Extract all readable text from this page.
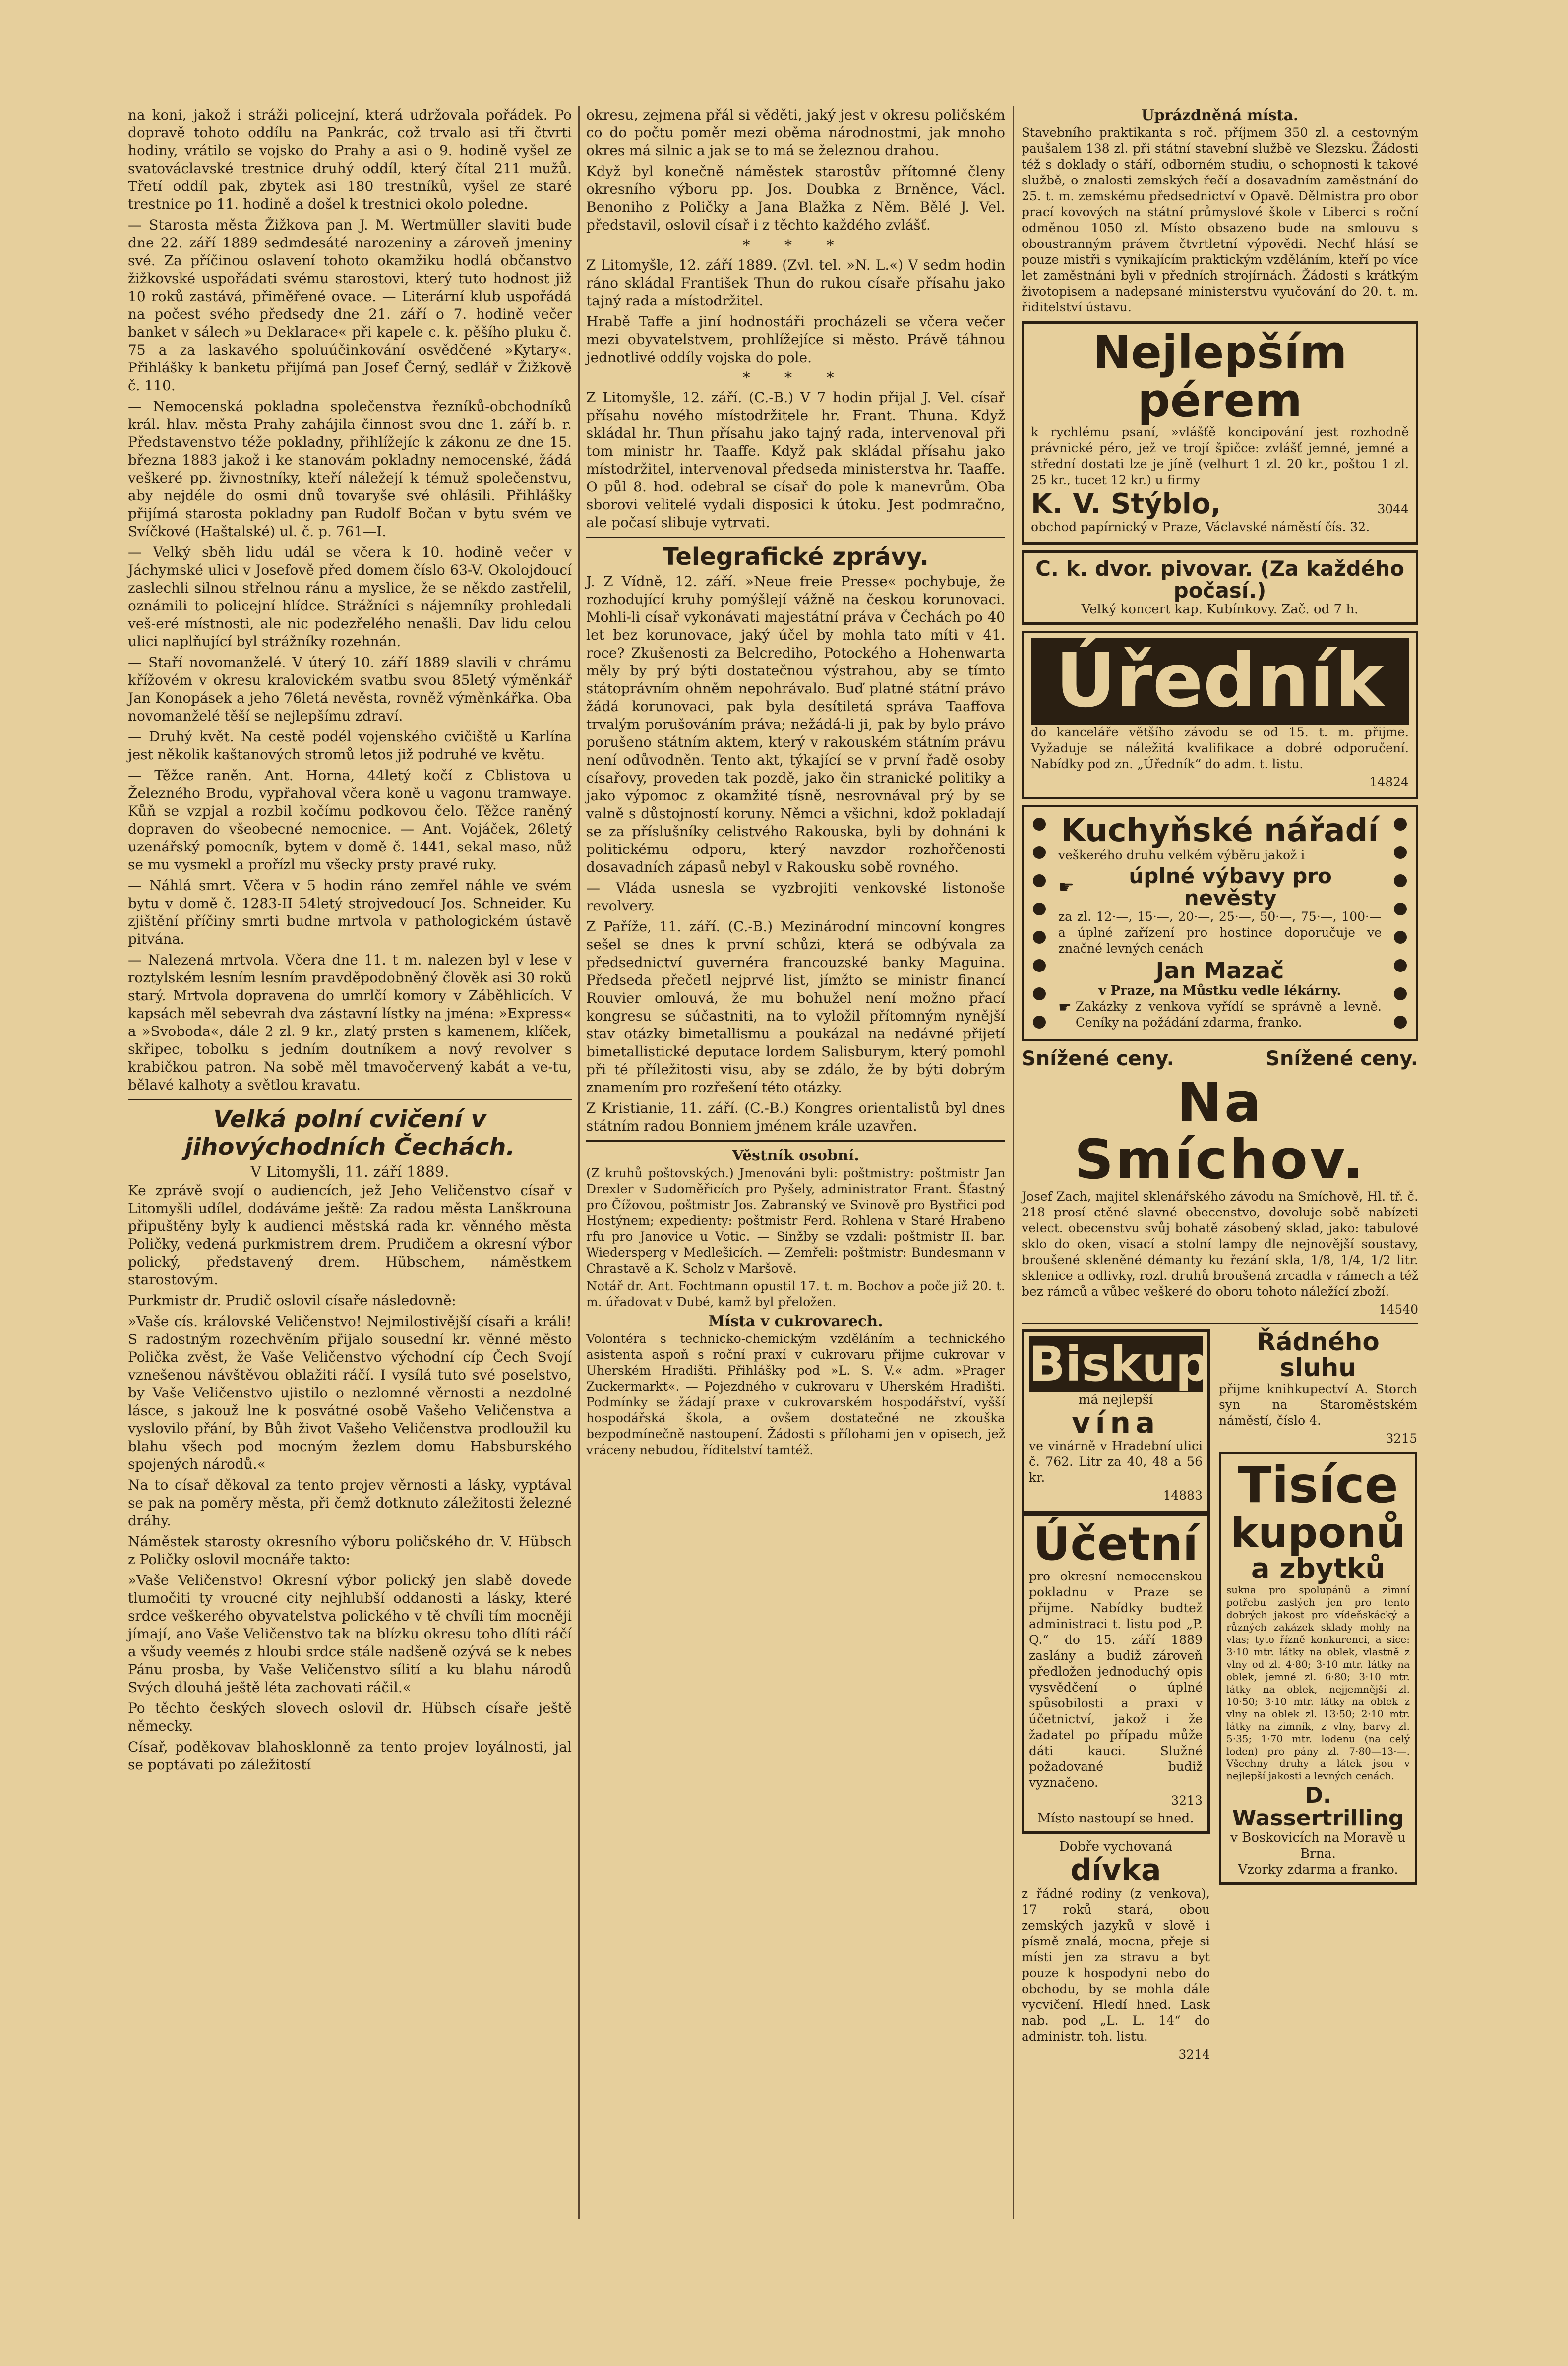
na koni, jakož i stráži policejní, která udržovala pořádek. Po dopravě tohoto oddílu na Pankrác, což trvalo asi tři čtvrti hodiny, vrátilo se vojsko do Prahy a asi o 9. hodině vyšel ze svatováclavské trestnice druhý oddíl, který čítal 211 mužů. Třetí oddíl pak, zbytek asi 180 trestníků, vyšel ze staré trestnice po 11. hodině a došel k trestnici okolo poledne.

— Starosta města Žižkova pan J. M. Wertmüller slaviti bude dne 22. září 1889 sedmdesáté narozeniny a zároveň jmeniny své. Za příčinou oslavení tohoto okamžiku hodlá občanstvo žižkovské uspořádati svému starostovi, který tuto hodnost již 10 roků zastává, přiměřené ovace. — Literární klub uspořádá na počest svého předsedy dne 21. září o 7. hodině večer banket v sálech »u Deklarace« při kapele c. k. pěšího pluku č. 75 a za laskavého spoluúčinkování osvědčené »Kytary«. Přihlášky k banketu přijímá pan Josef Černý, sedlář v Žižkově č. 110.

— Nemocenská pokladna společenstva řezníků-obchodníků král. hlav. města Prahy zahájila činnost svou dne 1. září b. r. Představenstvo téže pokladny, přihlížejíc k zákonu ze dne 15. března 1883 jakož i ke stanovám pokladny nemocenské, žádá veškeré pp. živnostníky, kteří náležejí k témuž společenstvu, aby nejdéle do osmi dnů tovaryše své ohlásili. Přihlášky přijímá starosta pokladny pan Rudolf Bočan v bytu svém ve Svíčkové (Haštalské) ul. č. p. 761—I.

— Velký sběh lidu udál se včera k 10. hodině večer v Jáchymské ulici v Josefově před domem číslo 63-V. Okolojdoucí zaslechli silnou střelnou ránu a myslice, že se někdo zastřelil, oznámili to policejní hlídce. Strážníci s nájemníky prohledali veš-eré místnosti, ale nic podezřelého nenašli. Dav lidu celou ulici naplňující byl strážníky rozehnán.

— Staří novomanželé. V úterý 10. září 1889 slavili v chrámu křížovém v okresu kralovickém svatbu svou 85letý výměnkář Jan Konopásek a jeho 76letá nevěsta, rovněž výměnkářka. Oba novomanželé těší se nejlepšímu zdraví.

— Druhý květ. Na cestě podél vojenského cvičiště u Karlína jest několik kaštanových stromů letos již podruhé ve květu.

— Těžce raněn. Ant. Horna, 44letý kočí z Cblistova u Železného Brodu, vypřahoval včera koně u vagonu tramwaye. Kůň se vzpjal a rozbil kočímu podkovou čelo. Těžce raněný dopraven do všeobecné nemocnice. — Ant. Vojáček, 26letý uzenářský pomocník, bytem v domě č. 1441, sekal maso, nůž se mu vysmekl a prořízl mu všecky prsty pravé ruky.

— Náhlá smrt. Včera v 5 hodin ráno zemřel náhle ve svém bytu v domě č. 1283-II 54letý strojvedoucí Jos. Schneider. Ku zjištění příčiny smrti budne mrtvola v pathologickém ústavě pitvána.

— Nalezená mrtvola. Včera dne 11. t m. nalezen byl v lese v roztylském lesním lesním pravděpodobněný člověk asi 30 roků starý. Mrtvola dopravena do umrlčí komory v Záběhlicích. V kapsách měl sebevrah dva zástavní lístky na jména: »Express« a »Svoboda«, dále 2 zl. 9 kr., zlatý prsten s kamenem, klíček, skřipec, tobolku s jedním doutníkem a nový revolver s krabičkou patron. Na sobě měl tmavočervený kabát a ve-tu, bělavé kalhoty a světlou kravatu.

Velká polní cvičení v jihovýchodních Čechách.

V Litomyšli, 11. září 1889.

Ke zprávě svojí o audiencích, jež Jeho Veličenstvo císař v Litomyšli udílel, dodáváme ještě: Za radou města Lanškrouna připuštěny byly k audienci městská rada kr. věnného města Poličky, vedená purkmistrem drem. Prudičem a okresní výbor polický, představený drem. Hübschem, náměstkem starostovým.

Purkmistr dr. Prudič oslovil císaře následovně:

»Vaše cís. královské Veličenstvo! Nejmilostivější císaři a králi! S radostným rozechvěním přijalo sousední kr. věnné město Polička zvěst, že Vaše Veličenstvo východní cíp Čech Svojí vznešenou návštěvou oblažiti ráčí. I vysílá tuto své poselstvo, by Vaše Veličenstvo ujistilo o nezlomné věrnosti a nezdolné lásce, s jakouž lne k posvátné osobě Vašeho Veličenstva a vyslovilo přání, by Bůh život Vašeho Veličenstva prodloužil ku blahu všech pod mocným žezlem domu Habsburského spojených národů.«

Na to císař děkoval za tento projev věrnosti a lásky, vyptával se pak na poměry města, při čemž dotknuto záležitosti železné dráhy.

Náměstek starosty okresního výboru poličského dr. V. Hübsch z Poličky oslovil mocnáře takto:

»Vaše Veličenstvo! Okresní výbor polický jen slabě dovede tlumočiti ty vroucné city nejhlubší oddanosti a lásky, které srdce veškerého obyvatelstva polického v tě chvíli tím mocněji jímají, ano Vaše Veličenstvo tak na blízku okresu toho dlíti ráčí a všudy veemés z hloubi srdce stále nadšeně ozývá se k nebes Pánu prosba, by Vaše Veličenstvo sílití a ku blahu národů Svých dlouhá ještě léta zachovati ráčil.«

Po těchto českých slovech oslovil dr. Hübsch císaře ještě německy.

Císař, poděkovav blahosklonně za tento projev loyálnosti, jal se poptávati po záležitostí

okresu, zejmena přál si věděti, jaký jest v okresu poličském co do počtu poměr mezi oběma národnostmi, jak mnoho okres má silnic a jak se to má se železnou drahou.

Když byl konečně náměstek starostův přítomné členy okresního výboru pp. Jos. Doubka z Brněnce, Václ. Benoniho z Poličky a Jana Blažka z Něm. Bělé J. Vel. představil, oslovil císař i z těchto každého zvlášť.

* * *

Z Litomyšle, 12. září 1889. (Zvl. tel. »N. L.«) V sedm hodin ráno skládal František Thun do rukou císaře přísahu jako tajný rada a místodržitel.

Hrabě Taffe a jiní hodnostáři procházeli se včera večer mezi obyvatelstvem, prohlížejíce si město. Právě táhnou jednotlivé oddíly vojska do pole.

* * *

Z Litomyšle, 12. září. (C.-B.) V 7 hodin přijal J. Vel. císař přísahu nového místodržitele hr. Frant. Thuna. Když skládal hr. Thun přísahu jako tajný rada, intervenoval při tom ministr hr. Taaffe. Když pak skládal přísahu jako místodržitel, intervenoval předseda ministerstva hr. Taaffe. O půl 8. hod. odebral se císař do pole k manevrům. Oba sborovi velitelé vydali disposici k útoku. Jest podmračno, ale počasí slibuje vytrvati.

Telegrafické zprávy.

J. Z Vídně, 12. září. »Neue freie Presse« pochybuje, že rozhodující kruhy pomýšlejí vážně na českou korunovaci. Mohli-li císař vykonávati majestátní práva v Čechách po 40 let bez korunovace, jaký účel by mohla tato míti v 41. roce? Zkušenosti za Belcrediho, Potockého a Hohenwarta měly by prý býti dostatečnou výstrahou, aby se tímto státoprávním ohněm nepohrávalo. Buď platné státní právo žádá korunovaci, pak byla desítiletá správa Taaffova trvalým porušováním práva; nežádá-li ji, pak by bylo právo porušeno státním aktem, který v rakouském státním právu není odůvodněn. Tento akt, týkající se v první řadě osoby císařovy, proveden tak pozdě, jako čin stranické politiky a jako výpomoc z okamžité tísně, nesrovnával prý by se valně s důstojností koruny. Němci a všichni, kdož pokladají se za příslušníky celistvého Rakouska, byli by dohnáni k politickému odporu, který navzdor rozhořčenosti dosavadních zápasů nebyl v Rakousku sobě rovného.

— Vláda usnesla se vyzbrojiti venkovské listonoše revolvery.

Z Paříže, 11. září. (C.-B.) Mezinárodní mincovní kongres sešel se dnes k první schůzi, která se odbývala za předsednictví guvernéra francouzské banky Maguina. Předseda přečetl nejprvé list, jímžto se ministr financí Rouvier omlouvá, že mu bohužel není možno přací kongresu se súčastniti, na to vyložil přítomným nynější stav otázky bimetallismu a poukázal na nedávné přijetí bimetallistické deputace lordem Salisburym, který pomohl při té příležitosti visu, aby se zdálo, že by býti dobrým znamením pro rozřešení této otázky.

Z Kristianie, 11. září. (C.-B.) Kongres orientalistů byl dnes státním radou Bonniem jménem krále uzavřen.

Věstník osobní.

(Z kruhů poštovských.) Jmenováni byli: poštmistry: poštmistr Jan Drexler v Sudoměřicích pro Pyšely, administrator Frant. Šťastný pro Čížovou, poštmistr Jos. Zabranský ve Svinově pro Bystřici pod Hostýnem; expedienty: poštmistr Ferd. Rohlena v Staré Hrabeno rfu pro Janovice u Votic. — Sinžby se vzdali: poštmistr II. bar. Wiedersperg v Medlešicích. — Zemřeli: poštmistr: Bundesmann v Chrastavě a K. Scholz v Maršově.

Notář dr. Ant. Fochtmann opustil 17. t. m. Bochov a poče již 20. t. m. úřadovat v Dubé, kamž byl přeložen.

Místa v cukrovarech.

Volontéra s technicko-chemickým vzděláním a technického asistenta aspoň s roční praxí v cukrovaru přijme cukrovar v Uherském Hradišti. Přihlášky pod »L. S. V.« adm. »Prager Zuckermarkt«. — Pojezdného v cukrovaru v Uherském Hradišti. Podmínky se žádají praxe v cukrovarském hospodářství, vyšší hospodářská škola, a ovšem dostatečné ne zkouška bezpodmínečně nastoupení. Žádosti s přílohami jen v opisech, jež vráceny nebudou, říditelství tamtéž.

Uprázdněná místa.

Stavebního praktikanta s roč. příjmem 350 zl. a cestovným paušalem 138 zl. při státní stavební službě ve Slezsku. Žádosti též s doklady o stáří, odborném studiu, o schopnosti k takové službě, o znalosti zemských řečí a dosavadním zaměstnání do 25. t. m. zemskému předsednictví v Opavě. Dělmistra pro obor prací kovových na státní průmyslové škole v Liberci s roční odměnou 1050 zl. Místo obsazeno bude na smlouvu s oboustranným právem čtvrtletní výpovědi. Nechť hlásí se pouze mistři s vynikajícím praktickým vzděláním, kteří po více let zaměstnáni byli v předních strojírnách. Žádosti s krátkým životopisem a nadepsané ministerstvu vyučování do 20. t. m. řiditelství ústavu.

Nejlepším pérem

k rychlému psaní, »vlášťě koncipování jest rozhodně právnické péro, jež ve trojí špičce: zvlášť jemné, jemné a střední dostati lze je jíně (velhurt 1 zl. 20 kr., poštou 1 zl. 25 kr., tucet 12 kr.) u firmy

K. V. Stýblo,	3044

obchod papírnický v Praze, Václavské náměstí čís. 32.

C. k. dvor. pivovar. (Za každého počasí.)

Velký koncert kap. Kubínkovy. Zač. od 7 h.

Úředník

do kanceláře většího závodu se od 15. t. m. přijme. Vyžaduje se náležitá kvalifikace a dobré odporučení. Nabídky pod zn. „Úředník“ do adm. t. listu.

14824

Kuchyňské nářadí

veškerého druhu velkém výběru jakož i

☛	úplné výbavy pro nevěsty

za zl. 12·—, 15·—, 20·—, 25·—, 50·—, 75·—, 100·— a úplné zařízení pro hostince doporučuje ve značné levných cenách

Jan Mazač

v Praze, na Můstku vedle lékárny.

☛ Zakázky z venkova vyřídí se správně a levně. Ceníky na požádání zdarma, franko.

Snížené ceny.	Snížené ceny.
Na Smíchov.

Josef Zach, majitel sklenářského závodu na Smíchově, Hl. tř. č. 218 prosí ctěné slavné obecenstvo, dovoluje sobě nabízeti velect. obecenstvu svůj bohatě zásobený sklad, jako: tabulové sklo do oken, visací a stolní lampy dle nejnovější soustavy, broušené skleněné démanty ku řezání skla, 1/8, 1/4, 1/2 litr. sklenice a odlivky, rozl. druhů broušená zrcadla v rámech a též bez rámců a vůbec veškeré do oboru tohoto náležící zboží.

14540

Biskup

má nejlepší

vína

ve vinárně v Hradební ulici č. 762. Litr za 40, 48 a 56 kr.

14883

Účetní

pro okresní nemocenskou pokladnu v Praze se přijme. Nabídky budtež administraci t. listu pod „P. Q.“ do 15. září 1889 zaslány a budiž zároveň předložen jednoduchý opis vysvědčení o úplné spůsobilosti a praxi v účetnictví, jakož i že žadatel po případu může dáti kauci. Služné požadované budiž vyznačeno.

3213

Místo nastoupí se hned.

Dobře vychovaná

dívka

z řádné rodiny (z venkova), 17 roků stará, obou zemských jazyků v slově i písmě znalá, mocna, přeje si místi jen za stravu a byt pouze k hospodyni nebo do obchodu, by se mohla dále vycvičení. Hledí hned. Lask nab. pod „L. L. 14“ do administr. toh. listu.

3214

Řádného sluhu

přijme knihkupectví A. Storch syn na Staroměstském náměstí, číslo 4.

3215

Tisíce
kuponů
a zbytků

sukna pro spolupánů a zimní potřebu zaslých jen pro tento dobrých jakost pro vídeňskácký a různých zakázek sklady mohly na vlas; tyto řízně konkurenci, a sice: 3·10 mtr. látky na oblek, vlastně z vlny od zl. 4·80; 3·10 mtr. látky na oblek, jemné zl. 6·80; 3·10 mtr. látky na oblek, nejjemnější zl. 10·50; 3·10 mtr. látky na oblek z vlny na oblek zl. 13·50; 2·10 mtr. látky na zimník, z vlny, barvy zl. 5·35; 1·70 mtr. lodenu (na celý loden) pro pány zl. 7·80—13·—. Všechny druhy a látek jsou v nejlepší jakosti a levných cenách.

D. Wassertrilling

v Boskovicích na Moravě u Brna.

Vzorky zdarma a franko.
